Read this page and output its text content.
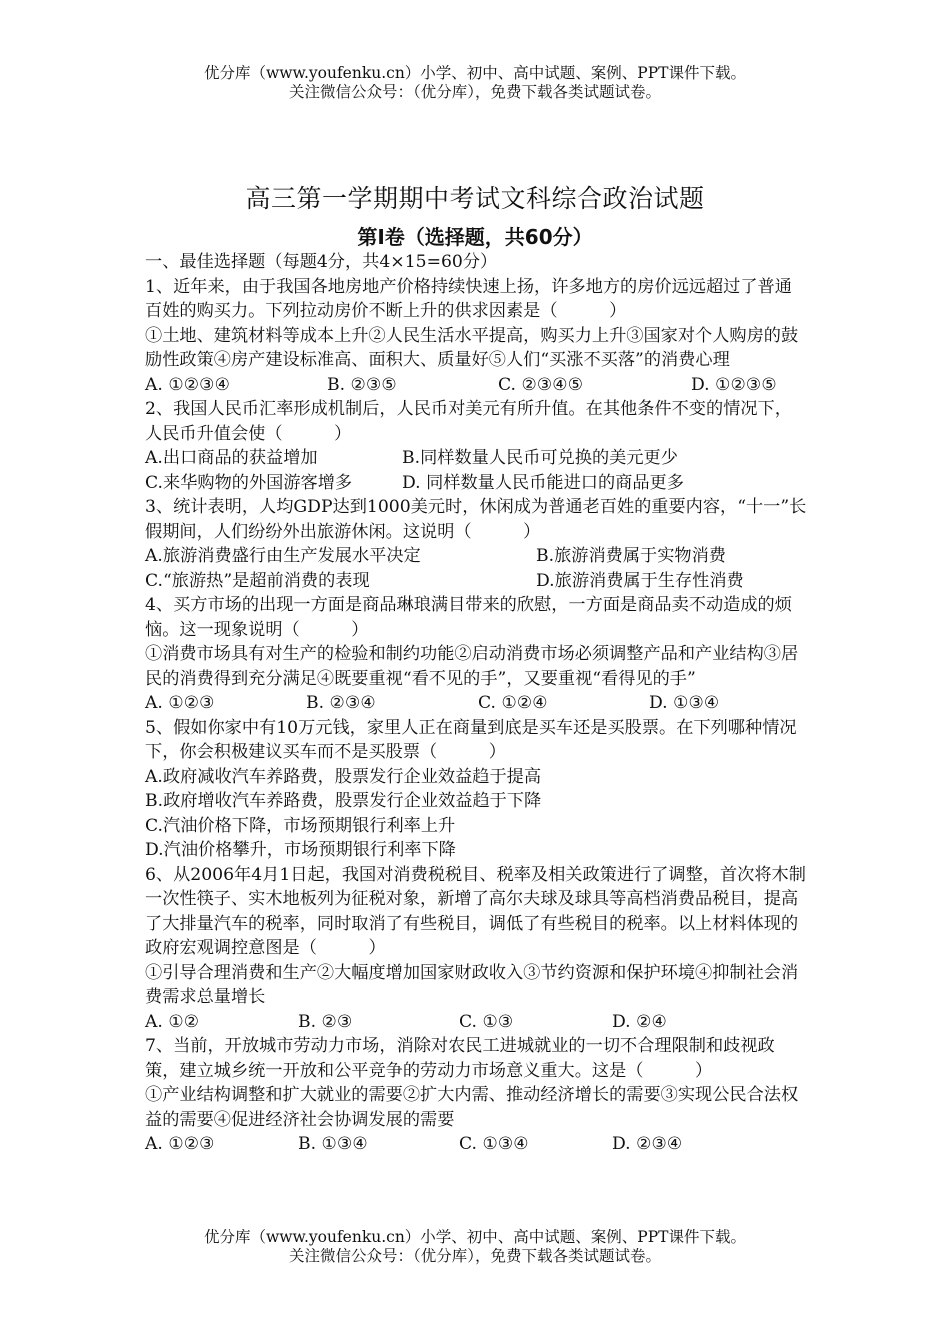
优分库（www.youfenku.cn）小学、初中、高中试题、案例、PPT课件下载。
关注微信公众号：（优分库），免费下载各类试题试卷。
高三第一学期期中考试文科综合政治试题
第Ⅰ卷（选择题，共60分）
一、最佳选择题（每题4分，共4×15=60分）
1、近年来，由于我国各地房地产价格持续快速上扬，许多地方的房价远远超过了普通百姓的购买力。下列拉动房价不断上升的供求因素是（　　　）
①土地、建筑材料等成本上升②人民生活水平提高，购买力上升③国家对个人购房的鼓励性政策④房产建设标准高、面积大、质量好⑤人们“买涨不买落”的消费心理
A. ①②③④	B. ②③⑤	C. ②③④⑤	D. ①②③⑤
2、我国人民币汇率形成机制后，人民币对美元有所升值。在其他条件不变的情况下，人民币升值会使（　　　）
A.出口商品的获益增加	B.同样数量人民币可兑换的美元更少
C.来华购物的外国游客增多	D. 同样数量人民币能进口的商品更多
3、统计表明，人均GDP达到1000美元时，休闲成为普通老百姓的重要内容，“十一”长假期间，人们纷纷外出旅游休闲。这说明（　　　）
A.旅游消费盛行由生产发展水平决定	B.旅游消费属于实物消费
C.“旅游热”是超前消费的表现	D.旅游消费属于生存性消费
4、买方市场的出现一方面是商品琳琅满目带来的欣慰，一方面是商品卖不动造成的烦恼。这一现象说明（　　　）
①消费市场具有对生产的检验和制约功能②启动消费市场必须调整产品和产业结构③居民的消费得到充分满足④既要重视“看不见的手”，又要重视“看得见的手”
A. ①②③	B. ②③④	C. ①②④	D. ①③④
5、假如你家中有10万元钱，家里人正在商量到底是买车还是买股票。在下列哪种情况下，你会积极建议买车而不是买股票（　　　）
A.政府减收汽车养路费，股票发行企业效益趋于提高
B.政府增收汽车养路费，股票发行企业效益趋于下降
C.汽油价格下降，市场预期银行利率上升
D.汽油价格攀升，市场预期银行利率下降
6、从2006年4月1日起，我国对消费税税目、税率及相关政策进行了调整，首次将木制一次性筷子、实木地板列为征税对象，新增了高尔夫球及球具等高档消费品税目，提高了大排量汽车的税率，同时取消了有些税目，调低了有些税目的税率。以上材料体现的政府宏观调控意图是（　　　）
①引导合理消费和生产②大幅度增加国家财政收入③节约资源和保护环境④抑制社会消费需求总量增长
A. ①②	B. ②③	C. ①③	D. ②④
7、当前，开放城市劳动力市场，消除对农民工进城就业的一切不合理限制和歧视政策，建立城乡统一开放和公平竞争的劳动力市场意义重大。这是（　　　）
①产业结构调整和扩大就业的需要②扩大内需、推动经济增长的需要③实现公民合法权益的需要④促进经济社会协调发展的需要
A. ①②③	B. ①③④	C. ①③④	D. ②③④
优分库（www.youfenku.cn）小学、初中、高中试题、案例、PPT课件下载。
关注微信公众号：（优分库），免费下载各类试题试卷。
